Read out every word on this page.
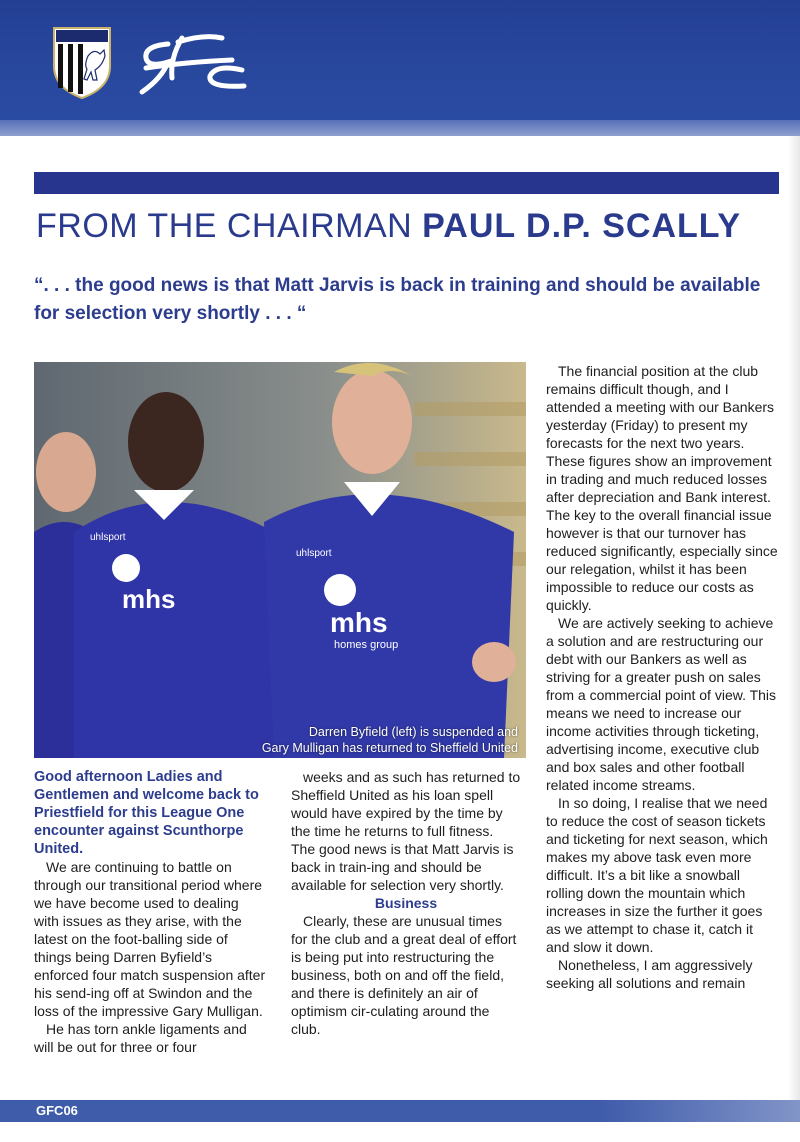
FROM THE CHAIRMAN PAUL D.P. SCALLY
“. . . the good news is that Matt Jarvis is back in training and should be available for selection very shortly . . . “
mhs
mhs
homes group
uhlsport
uhlsport
Darren Byfield (left) is suspended and
Gary Mulligan has returned to Sheffield United

Good afternoon Ladies and Gentlemen and welcome back to Priestfield for this League One encounter against Scunthorpe United.

We are continuing to battle on through our transitional period where we have become used to dealing with issues as they arise, with the latest on the foot-balling side of things being Darren Byfield’s enforced four match suspension after his send-ing off at Swindon and the loss of the impressive Gary Mulligan.

He has torn ankle ligaments and will be out for three or four

weeks and as such has returned to Sheffield United as his loan spell would have expired by the time by the time he returns to full fitness. The good news is that Matt Jarvis is back in train-ing and should be available for selection very shortly.

Business

Clearly, these are unusual times for the club and a great deal of effort is being put into restructuring the business, both on and off the field, and there is definitely an air of optimism cir-culating around the club.

The financial position at the club remains difficult though, and I attended a meeting with our Bankers yesterday (Friday) to present my forecasts for the next two years. These figures show an improvement in trading and much reduced losses after depreciation and Bank interest. The key to the overall financial issue however is that our turnover has reduced significantly, especially since our relegation, whilst it has been impossible to reduce our costs as quickly.

We are actively seeking to achieve a solution and are restructuring our debt with our Bankers as well as striving for a greater push on sales from a commercial point of view. This means we need to increase our income activities through ticketing, advertising income, executive club and box sales and other football related income streams.

In so doing, I realise that we need to reduce the cost of season tickets and ticketing for next season, which makes my above task even more difficult. It’s a bit like a snowball rolling down the mountain which increases in size the further it goes as we attempt to chase it, catch it and slow it down.

Nonetheless, I am aggressively seeking all solutions and remain

GFC06
